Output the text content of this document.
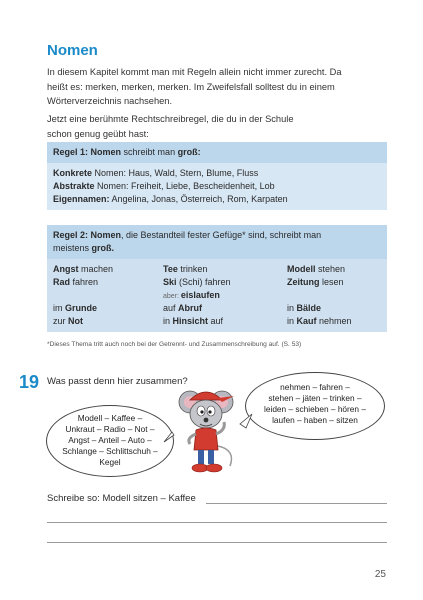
Nomen
In diesem Kapitel kommt man mit Regeln allein nicht immer zurecht. Da
heißt es: merken, merken, merken. Im Zweifelsfall solltest du in einem
Wörterverzeichnis nachsehen.
Jetzt eine berühmte Rechtschreibregel, die du in der Schule
schon genug geübt hast:
Regel 1: Nomen schreibt man groß:
Konkrete Nomen: Haus, Wald, Stern, Blume, Fluss
Abstrakte Nomen: Freiheit, Liebe, Bescheidenheit, Lob
Eigennamen: Angelina, Jonas, Österreich, Rom, Karpaten
Regel 2: Nomen, die Bestandteil fester Gefüge* sind, schreibt man
meistens groß.
Angst machen	Tee trinken	Modell stehen
Rad fahren	Ski (Schi) fahren	Zeitung lesen
aber: eislaufen
im Grunde	auf Abruf	in Bälde
zur Not	in Hinsicht auf	in Kauf nehmen
*Dieses Thema tritt auch noch bei der Getrennt- und Zusammenschreibung auf. (S. 53)
19 Was passt denn hier zusammen?
Modell – Kaffee –
Unkraut – Radio – Not –
Angst – Anteil – Auto –
Schlange – Schlittschuh –
Kegel
nehmen – fahren –
stehen – jäten – trinken –
leiden – schieben – hören –
laufen – haben – sitzen
Schreibe so: Modell sitzen – Kaffee
25
